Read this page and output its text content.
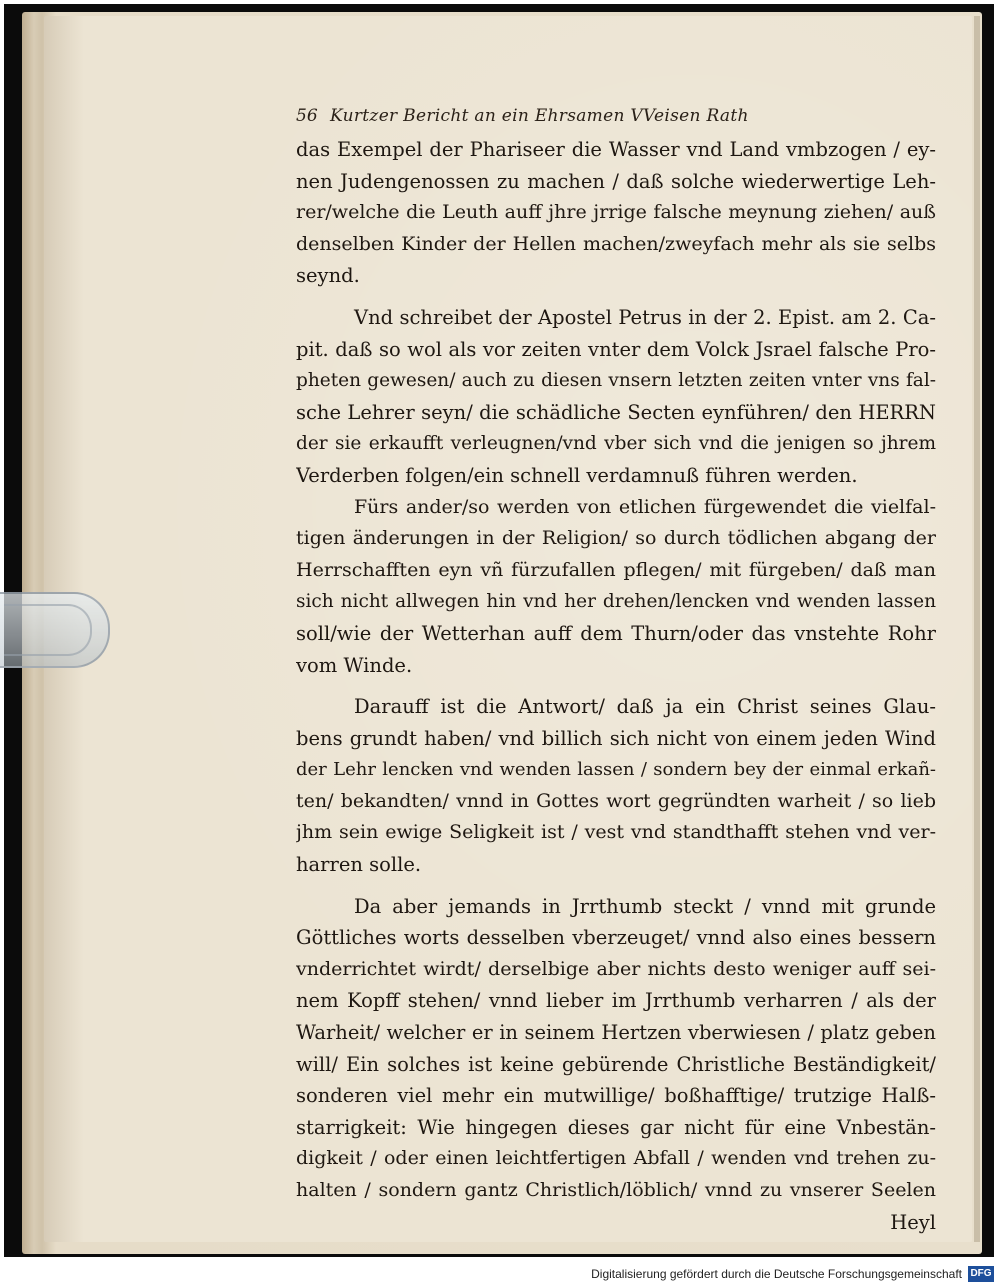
56 Kurtzer Bericht an ein Ehrsamen VVeisen Rath
das Exempel der Phariseer die Wasser vnd Land vmbzogen / ey-
nen Judengenossen zu machen / daß solche wiederwertige Leh-
rer/welche die Leuth auff jhre jrrige falsche meynung ziehen/ auß
denselben Kinder der Hellen machen/zweyfach mehr als sie selbs
seynd.
Vnd schreibet der Apostel Petrus in der 2. Epist. am 2. Ca-
pit. daß so wol als vor zeiten vnter dem Volck Jsrael falsche Pro-
pheten gewesen/ auch zu diesen vnsern letzten zeiten vnter vns fal-
sche Lehrer seyn/ die schädliche Secten eynführen/ den HERRN
der sie erkaufft verleugnen/vnd vber sich vnd die jenigen so jhrem
Verderben folgen/ein schnell verdamnuß führen werden.
Fürs ander/so werden von etlichen fürgewendet die vielfal-
tigen änderungen in der Religion/ so durch tödlichen abgang der
Herrschafften eyn vñ fürzufallen pflegen/ mit fürgeben/ daß man
sich nicht allwegen hin vnd her drehen/lencken vnd wenden lassen
soll/wie der Wetterhan auff dem Thurn/oder das vnstehte Rohr
vom Winde.
Darauff ist die Antwort/ daß ja ein Christ seines Glau-
bens grundt haben/ vnd billich sich nicht von einem jeden Wind
der Lehr lencken vnd wenden lassen / sondern bey der einmal erkañ-
ten/ bekandten/ vnnd in Gottes wort gegründten warheit / so lieb
jhm sein ewige Seligkeit ist / vest vnd standthafft stehen vnd ver-
harren solle.
Da aber jemands in Jrrthumb steckt / vnnd mit grunde
Göttliches worts desselben vberzeuget/ vnnd also eines bessern
vnderrichtet wirdt/ derselbige aber nichts desto weniger auff sei-
nem Kopff stehen/ vnnd lieber im Jrrthumb verharren / als der
Warheit/ welcher er in seinem Hertzen vberwiesen / platz geben
will/ Ein solches ist keine gebürende Christliche Beständigkeit/
sonderen viel mehr ein mutwillige/ boßhafftige/ trutzige Halß-
starrigkeit: Wie hingegen dieses gar nicht für eine Vnbestän-
digkeit / oder einen leichtfertigen Abfall / wenden vnd trehen zu-
halten / sondern gantz Christlich/löblich/ vnnd zu vnserer Seelen
Heyl
Digitalisierung gefördert durch die Deutsche Forschungsgemeinschaft DFG
